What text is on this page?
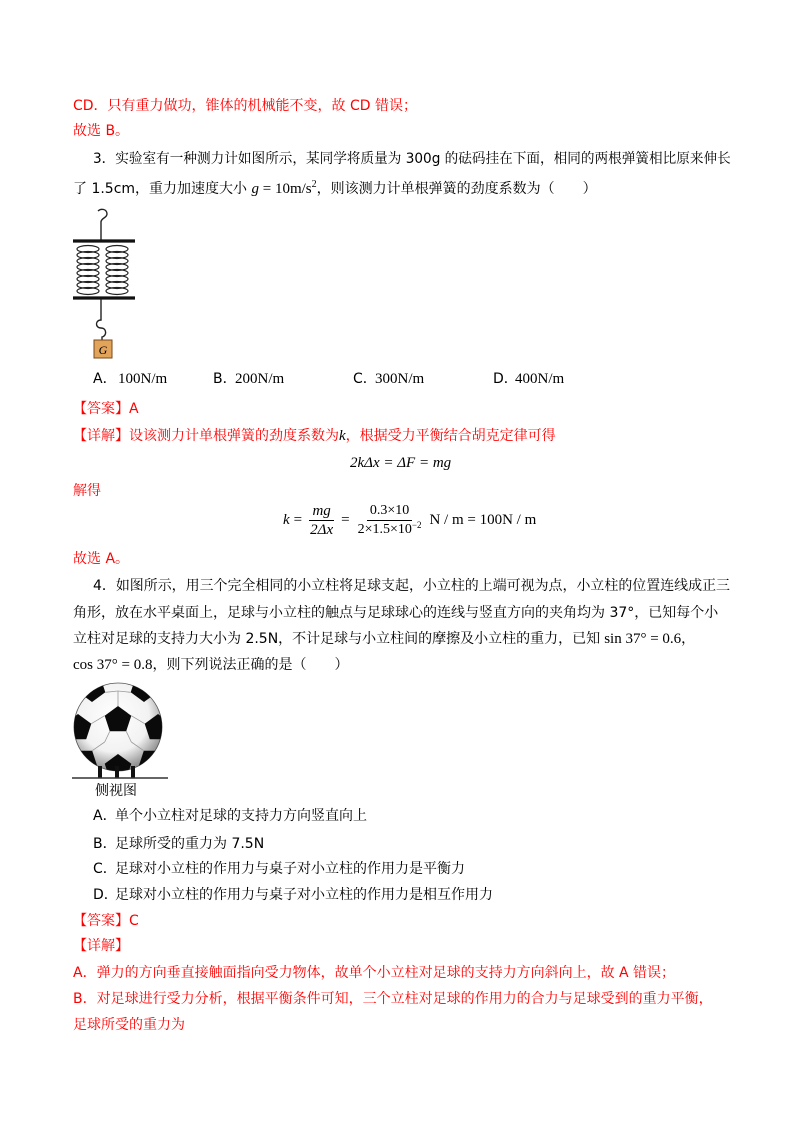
CD．只有重力做功，锥体的机械能不变，故 CD 错误；
故选 B。
3．实验室有一种测力计如图所示，某同学将质量为 300g 的砝码挂在下面，相同的两根弹簧相比原来伸长
了 1.5cm，重力加速度大小 $g = 10m/s^2$，则该测力计单根弹簧的劲度系数为（　　）
G
A．100N/m	B．200N/m	C．300N/m	D．400N/m
【答案】A
【详解】设该测力计单根弹簧的劲度系数为k，根据受力平衡结合胡克定律可得
2kΔx = ΔF = mg
解得
$k = \frac{mg}{2\Delta x} = \frac{0.3\times 10}{2\times 1.5\times 10^{-2}}$ N / m = 100N / m
故选 A。
4．如图所示，用三个完全相同的小立柱将足球支起，小立柱的上端可视为点，小立柱的位置连线成正三
角形，放在水平桌面上，足球与小立柱的触点与足球球心的连线与竖直方向的夹角均为 37°，已知每个小
立柱对足球的支持力大小为 2.5N，不计足球与小立柱间的摩擦及小立柱的重力，已知 sin 37° = 0.6，
cos 37° = 0.8，则下列说法正确的是（　　）
侧视图
A．单个小立柱对足球的支持力方向竖直向上
B．足球所受的重力为 7.5N
C．足球对小立柱的作用力与桌子对小立柱的作用力是平衡力
D．足球对小立柱的作用力与桌子对小立柱的作用力是相互作用力
【答案】C
【详解】
A．弹力的方向垂直接触面指向受力物体，故单个小立柱对足球的支持力方向斜向上，故 A 错误；
B．对足球进行受力分析，根据平衡条件可知，三个立柱对足球的作用力的合力与足球受到的重力平衡，
足球所受的重力为
